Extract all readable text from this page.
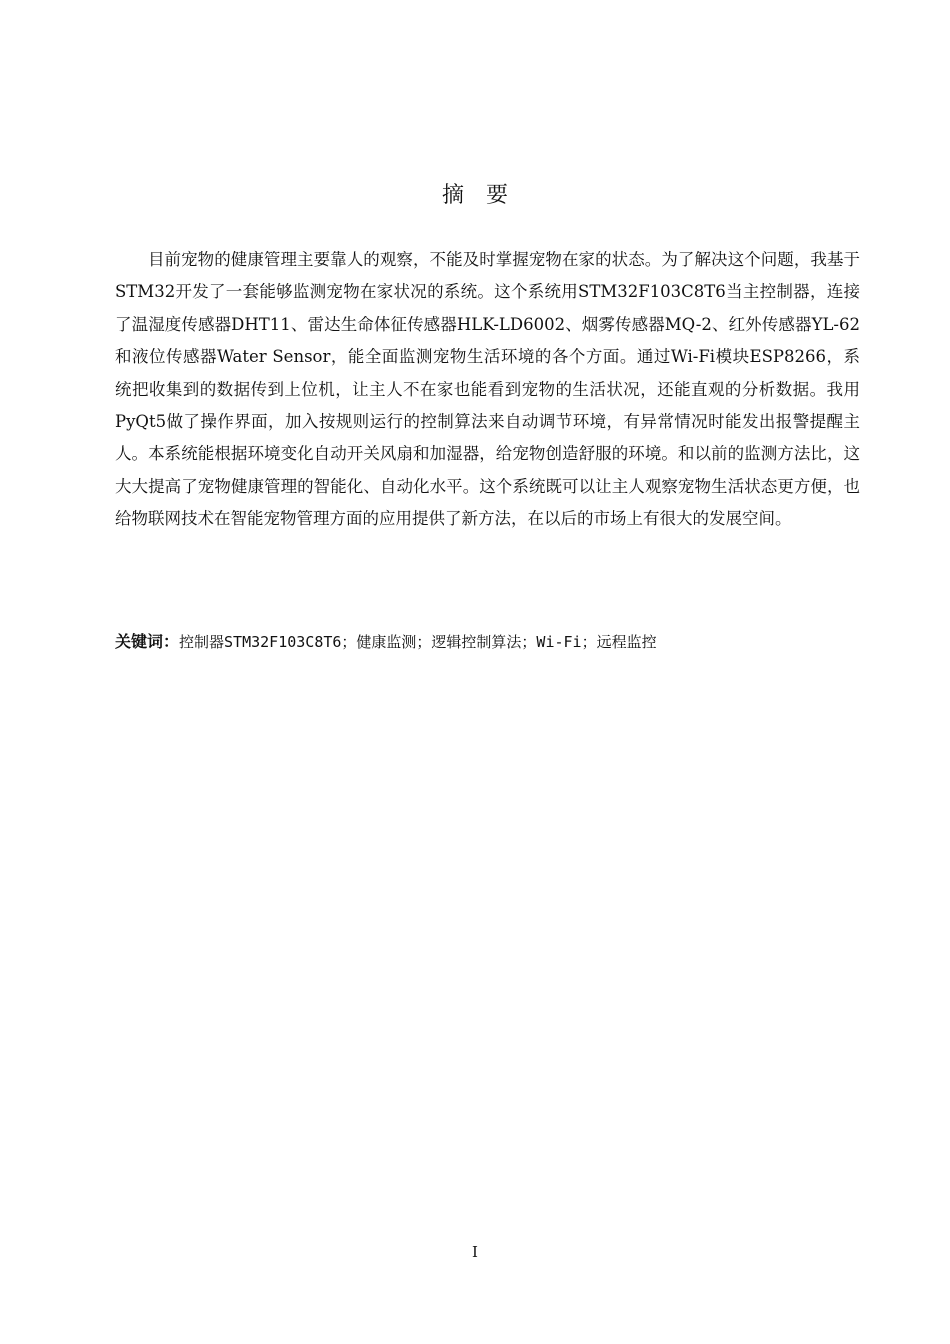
摘要

目前宠物的健康管理主要靠人的观察，不能及时掌握宠物在家的状态。为了解决这个问题，我基于STM32开发了一套能够监测宠物在家状况的系统。这个系统用STM32F103C8T6当主控制器，连接了温湿度传感器DHT11、雷达生命体征传感器HLK-LD6002、烟雾传感器MQ-2、红外传感器YL-62和液位传感器Water Sensor，能全面监测宠物生活环境的各个方面。通过Wi-Fi模块ESP8266，系统把收集到的数据传到上位机，让主人不在家也能看到宠物的生活状况，还能直观的分析数据。我用PyQt5做了操作界面，加入按规则运行的控制算法来自动调节环境，有异常情况时能发出报警提醒主人。本系统能根据环境变化自动开关风扇和加湿器，给宠物创造舒服的环境。和以前的监测方法比，这大大提高了宠物健康管理的智能化、自动化水平。这个系统既可以让主人观察宠物生活状态更方便，也给物联网技术在智能宠物管理方面的应用提供了新方法，在以后的市场上有很大的发展空间。

关键词：控制器STM32F103C8T6；健康监测；逻辑控制算法；Wi-Fi；远程监控
I
